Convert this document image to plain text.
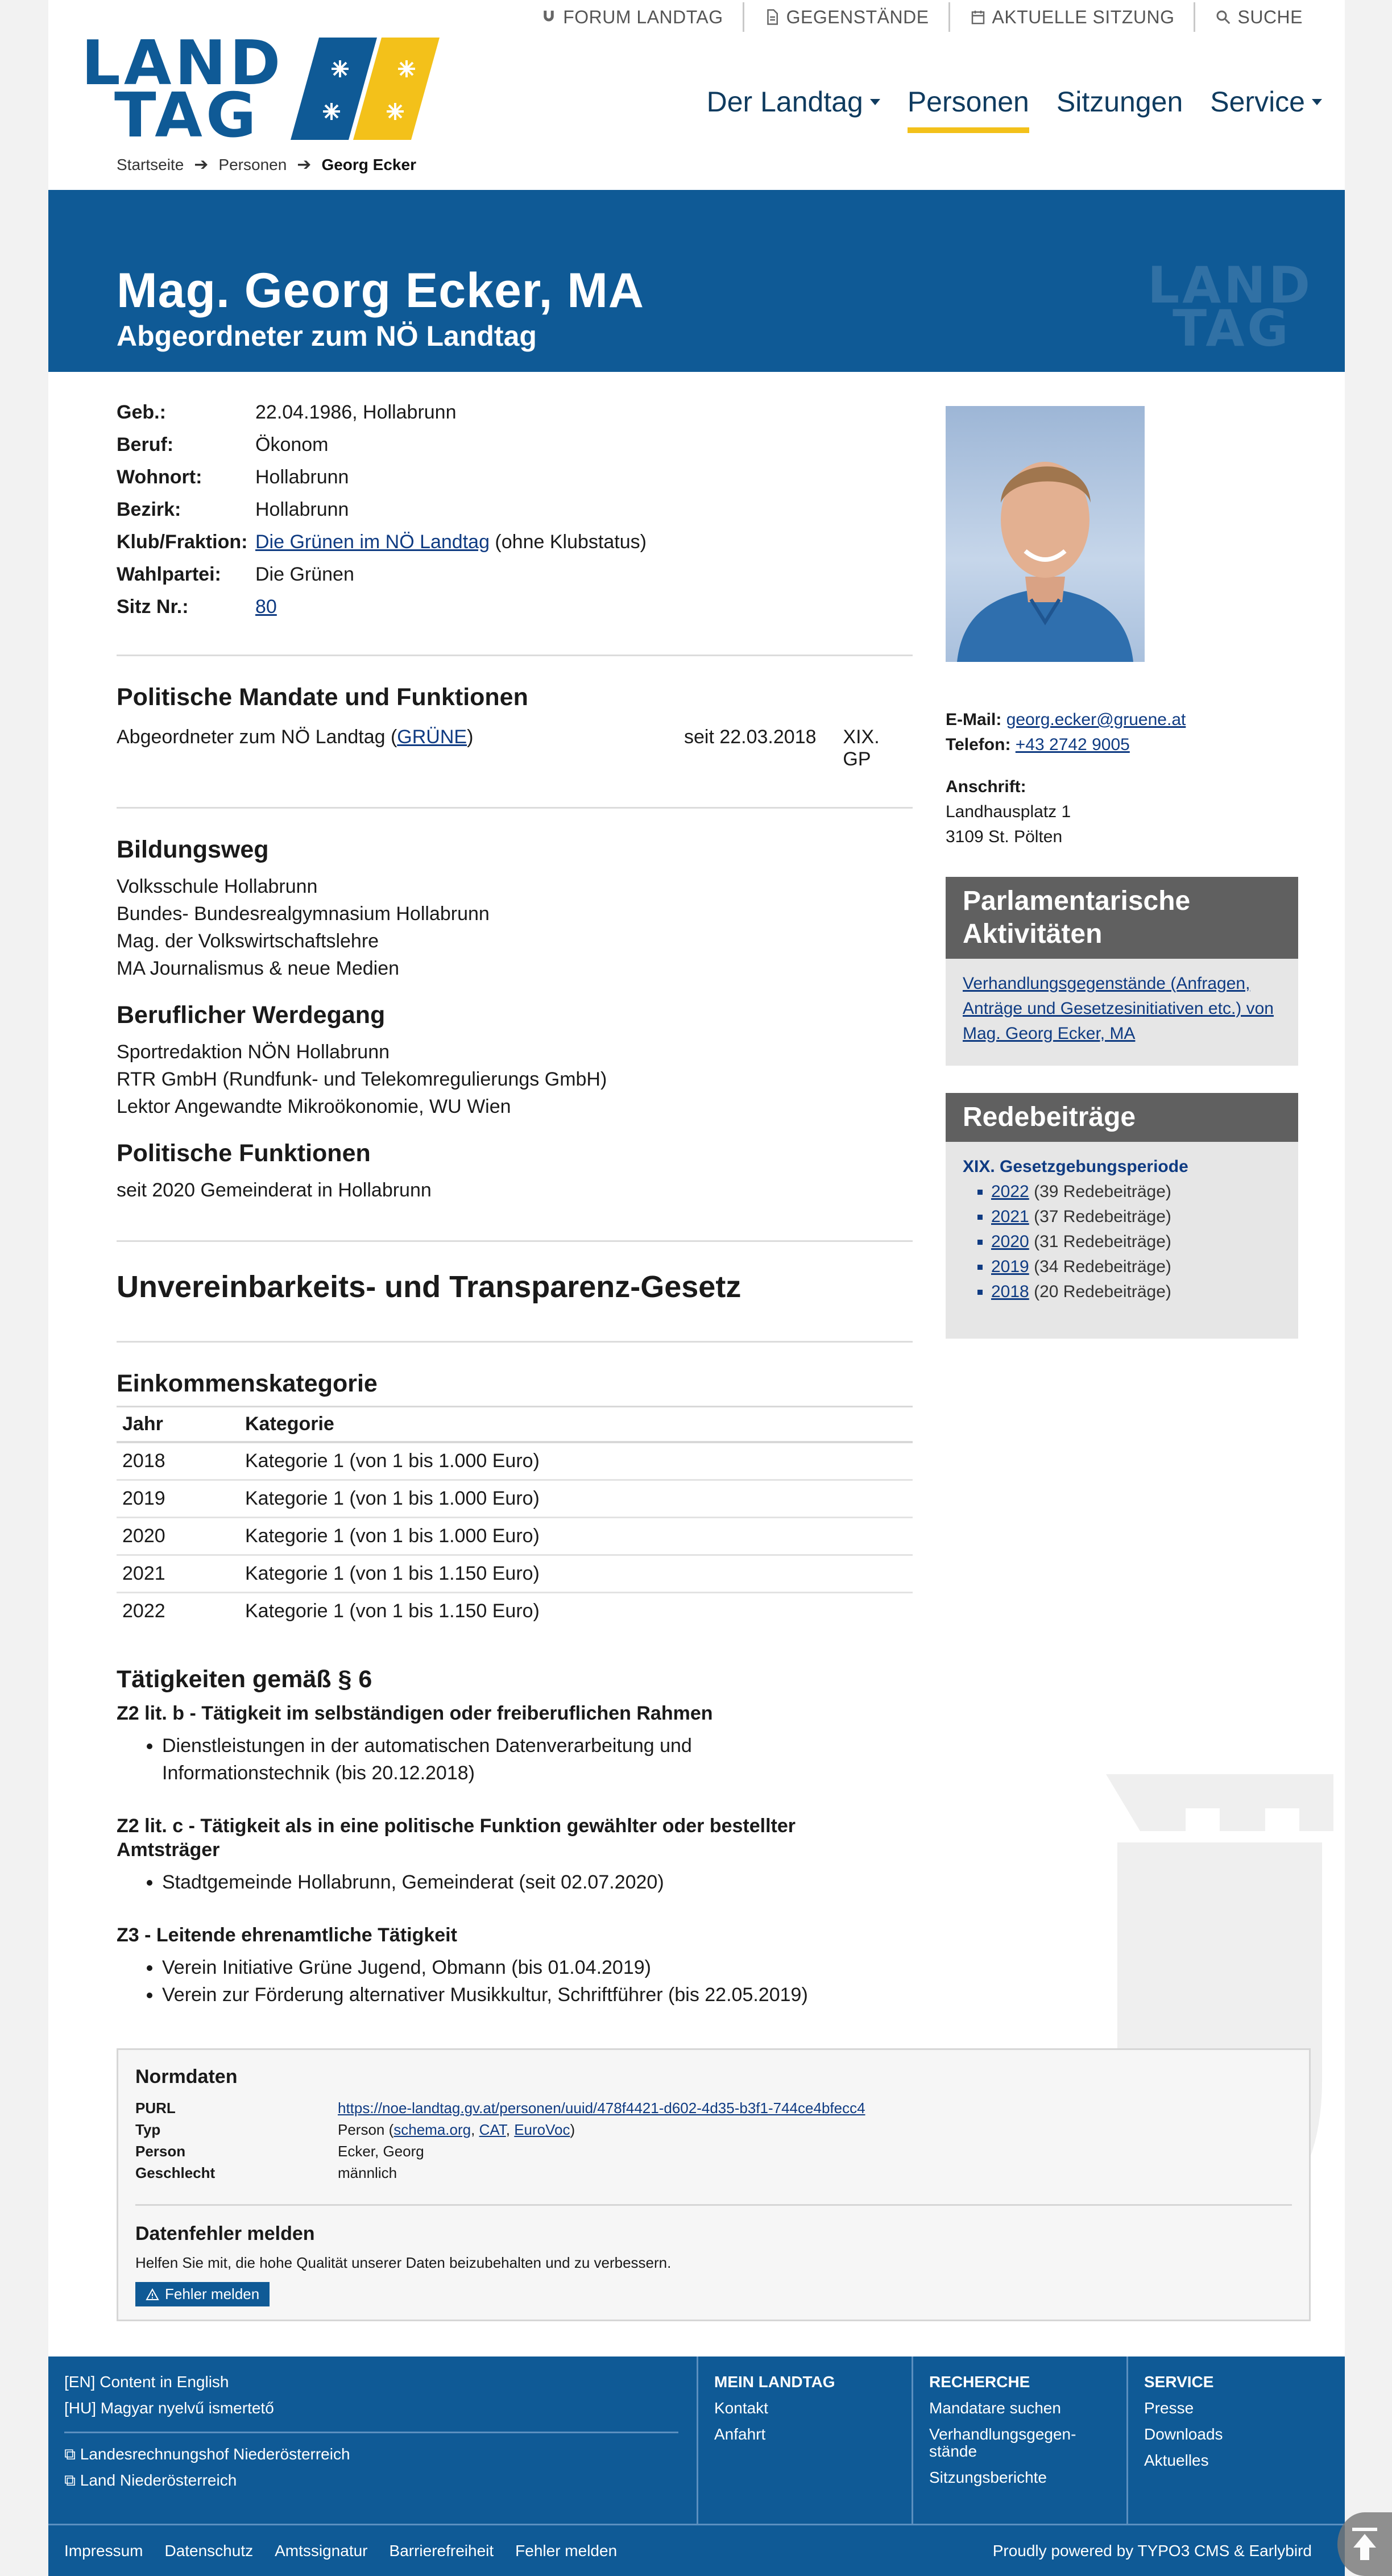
FORUM LANDTAG	GEGENSTÄNDE	AKTUELLE SITZUNG	SUCHE
LAND
TAG	Der Landtag Personen Sitzungen Service
Startseite ➔ Personen ➔ Georg Ecker
Mag. Georg Ecker, MA
Abgeordneter zum NÖ Landtag
LAND
TAG
Geb.:	22.04.1986, Hollabrunn
Beruf:	Ökonom
Wohnort:	Hollabrunn
Bezirk:	Hollabrunn
Klub/Fraktion: Die Grünen im NÖ Landtag (ohne Klubstatus)
Wahlpartei:	Die Grünen
Sitz Nr.:	80
Politische Mandate und Funktionen
Abgeordneter zum NÖ Landtag (GRÜNE)	seit 22.03.2018	XIX. GP
Bildungsweg

Volksschule Hollabrunn

Bundes- Bundesrealgymnasium Hollabrunn

Mag. der Volkswirtschaftslehre

MA Journalismus & neue Medien

Beruflicher Werdegang

Sportredaktion NÖN Hollabrunn

RTR GmbH (Rundfunk- und Telekomregulierungs GmbH)

Lektor Angewandte Mikroökonomie, WU Wien

Politische Funktionen

seit 2020 Gemeinderat in Hollabrunn

Unvereinbarkeits- und Transparenz-Gesetz
Einkommenskategorie
Jahr	Kategorie
2018	Kategorie 1 (von 1 bis 1.000 Euro)
2019	Kategorie 1 (von 1 bis 1.000 Euro)
2020	Kategorie 1 (von 1 bis 1.000 Euro)
2021	Kategorie 1 (von 1 bis 1.150 Euro)
2022	Kategorie 1 (von 1 bis 1.150 Euro)
Tätigkeiten gemäß § 6
Z2 lit. b - Tätigkeit im selbständigen oder freiberuflichen Rahmen
• Dienstleistungen in der automatischen Datenverarbeitung und Informationstechnik (bis 20.12.2018)
Z2 lit. c - Tätigkeit als in eine politische Funktion gewählter oder bestellter Amtsträger
• Stadtgemeinde Hollabrunn, Gemeinderat (seit 02.07.2020)
Z3 - Leitende ehrenamtliche Tätigkeit
• Verein Initiative Grüne Jugend, Obmann (bis 01.04.2019)
• Verein zur Förderung alternativer Musikkultur, Schriftführer (bis 22.05.2019)
E-Mail: georg.ecker@gruene.at
Telefon: +43 2742 9005
Anschrift:
Landhausplatz 1
3109 St. Pölten
Parlamentarische Aktivitäten
Verhandlungsgegenstände (Anfragen, Anträge und Gesetzesinitiativen etc.) von Mag. Georg Ecker, MA
Redebeiträge
XIX. Gesetzgebungsperiode
▪ 2022 (39 Redebeiträge)
▪ 2021 (37 Redebeiträge)
▪ 2020 (31 Redebeiträge)
▪ 2019 (34 Redebeiträge)
▪ 2018 (20 Redebeiträge)
Normdaten
PURL	https://noe-landtag.gv.at/personen/uuid/478f4421-d602-4d35-b3f1-744ce4bfecc4
Typ	Person (schema.org, CAT, EuroVoc)
Person	Ecker, Georg
Geschlecht	männlich
Datenfehler melden

Helfen Sie mit, die hohe Qualität unserer Daten beizubehalten und zu verbessern.

Fehler melden
[EN] Content in English
[HU] Magyar nyelvű ismertető
⧉ Landesrechnungshof Niederösterreich
⧉ Land Niederösterreich
MEIN LANDTAG
Kontakt
Anfahrt
RECHERCHE
Mandatare suchen
Verhandlungsgegen-
stände
Sitzungsberichte
SERVICE
Presse
Downloads
Aktuelles
Impressum Datenschutz Amtssignatur Barrierefreiheit Fehler melden	Proudly powered by TYPO3 CMS & Earlybird
